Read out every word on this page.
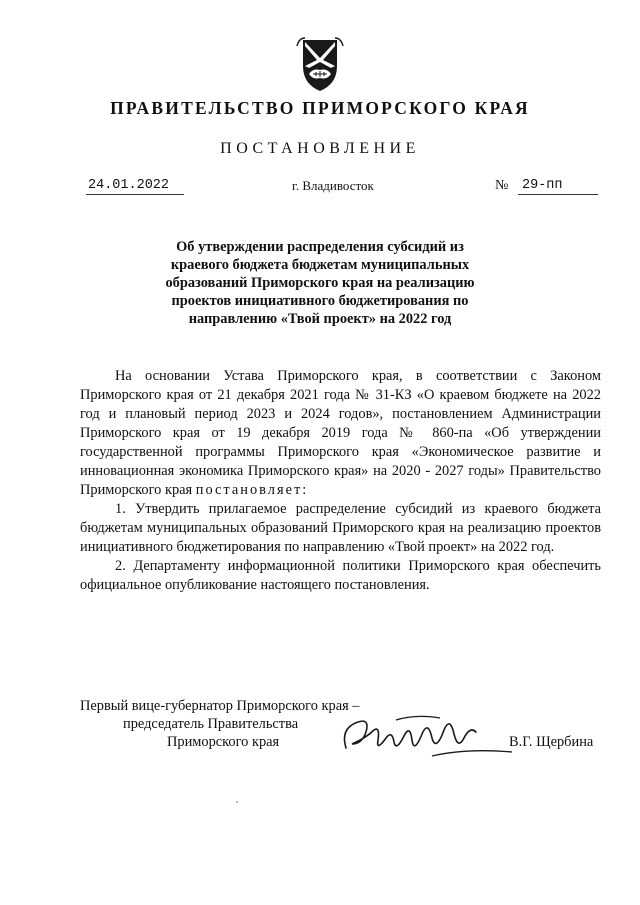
ПРАВИТЕЛЬСТВО ПРИМОРСКОГО КРАЯ
ПОСТАНОВЛЕНИЕ
24.01.2022	г. Владивосток	№ 29-пп
Об утверждении распределения субсидий из краевого бюджета бюджетам муниципальных образований Приморского края на реализацию проектов инициативного бюджетирования по направлению «Твой проект» на 2022 год

На основании Устава Приморского края, в соответствии с Законом Приморского края от 21 декабря 2021 года № 31-КЗ «О краевом бюджете на 2022 год и плановый период 2023 и 2024 годов», постановлением Администрации Приморского края от 19 декабря 2019 года № 860-па «Об утверждении государственной программы Приморского края «Экономическое развитие и инновационная экономика Приморского края» на 2020 - 2027 годы» Правительство Приморского края постановляет:

1. Утвердить прилагаемое распределение субсидий из краевого бюджета бюджетам муниципальных образований Приморского края на реализацию проектов инициативного бюджетирования по направлению «Твой проект» на 2022 год.

2. Департаменту информационной политики Приморского края обеспечить официальное опубликование настоящего постановления.

Первый вице-губернатор Приморского края –
председатель Правительства
Приморского края	В.Г. Щербина
